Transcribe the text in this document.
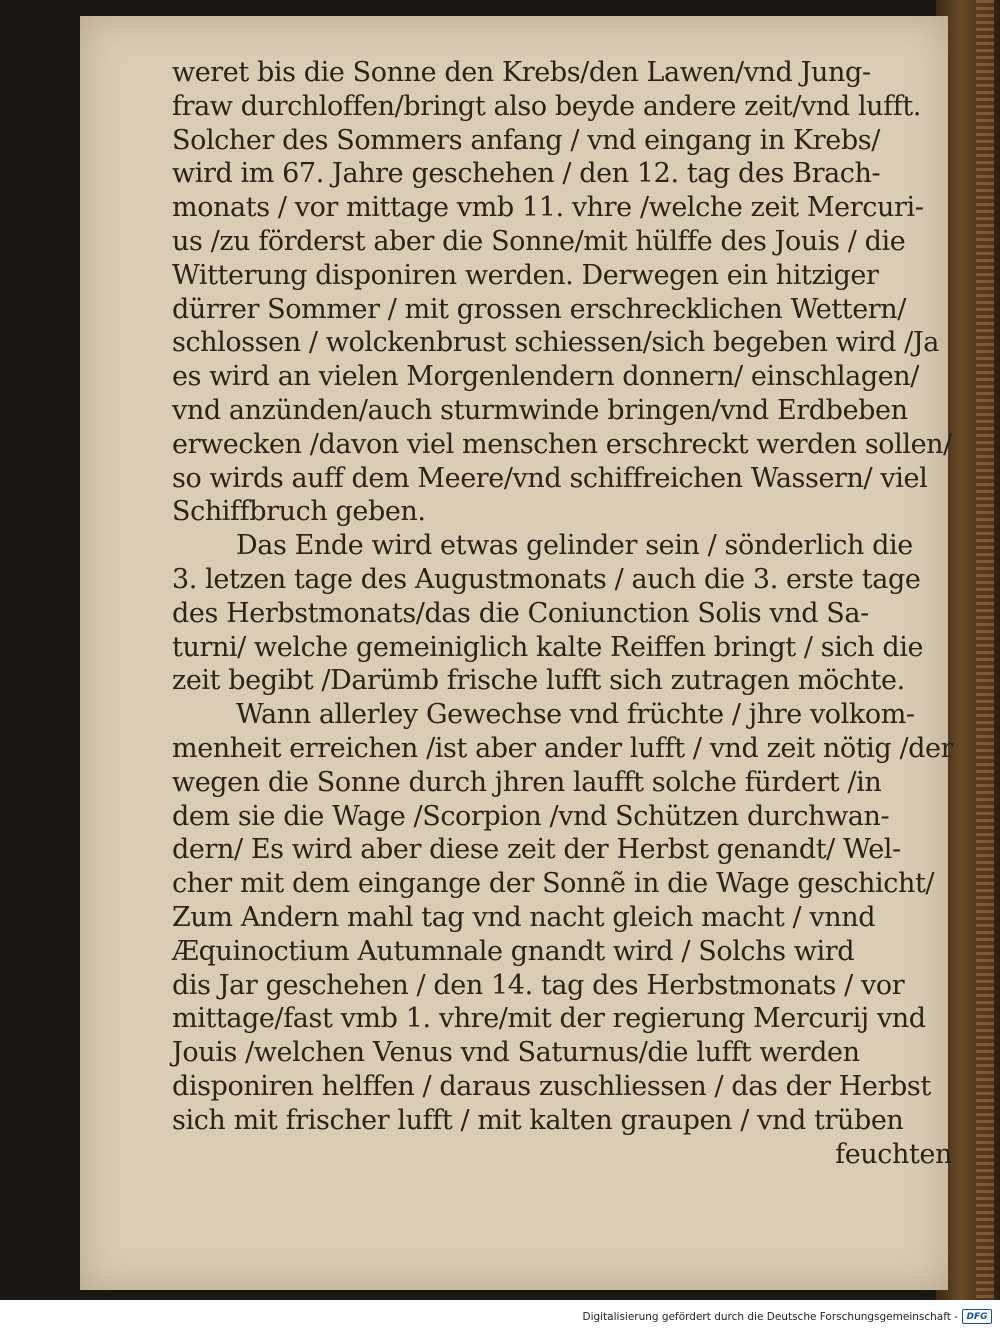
weret bis die Sonne den Krebs/den Lawen/vnd Jung-
fraw durchloffen/bringt also beyde andere zeit/vnd lufft.
Solcher des Sommers anfang / vnd eingang in Krebs/
wird im 67. Jahre geschehen / den 12. tag des Brach-
monats / vor mittage vmb 11. vhre /welche zeit Mercuri-
us /zu förderst aber die Sonne/mit hülffe des Jouis / die
Witterung disponiren werden. Derwegen ein hitziger
dürrer Sommer / mit grossen erschrecklichen Wettern/
schlossen / wolckenbrust schiessen/sich begeben wird /Ja
es wird an vielen Morgenlendern donnern/ einschlagen/
vnd anzünden/auch sturmwinde bringen/vnd Erdbeben
erwecken /davon viel menschen erschreckt werden sollen/
so wirds auff dem Meere/vnd schiffreichen Wassern/ viel
Schiffbruch geben.
Das Ende wird etwas gelinder sein / sönderlich die
3. letzen tage des Augustmonats / auch die 3. erste tage
des Herbstmonats/das die Coniunction Solis vnd Sa-
turni/ welche gemeiniglich kalte Reiffen bringt / sich die
zeit begibt /Darümb frische lufft sich zutragen möchte.
Wann allerley Gewechse vnd früchte / jhre volkom-
menheit erreichen /ist aber ander lufft / vnd zeit nötig /der
wegen die Sonne durch jhren laufft solche fürdert /in
dem sie die Wage /Scorpion /vnd Schützen durchwan-
dern/ Es wird aber diese zeit der Herbst genandt/ Wel-
cher mit dem eingange der Sonnẽ in die Wage geschicht/
Zum Andern mahl tag vnd nacht gleich macht / vnnd
Æquinoctium Autumnale gnandt wird / Solchs wird
dis Jar geschehen / den 14. tag des Herbstmonats / vor
mittage/fast vmb 1. vhre/mit der regierung Mercurij vnd
Jouis /welchen Venus vnd Saturnus/die lufft werden
disponiren helffen / daraus zuschliessen / das der Herbst
sich mit frischer lufft / mit kalten graupen / vnd trüben
feuchten
Digitalisierung gefördert durch die Deutsche Forschungsgemeinschaft - DFG
